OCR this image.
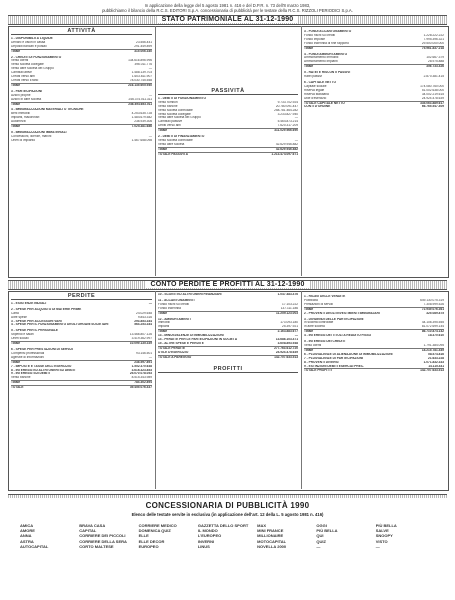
In applicazione della legge del 5 agosto 1981 n. 416 e del D.P.R. n. 73 dell'8 marzo 1983,
pubblichiamo il bilancio della R.C.S. EDITORI S.p.A. concessionaria di pubblicità per le testate della R.C.S. RIZZOLI PERIODICI S.p.A.
STATO PATRIMONIALE AL 31-12-1990
ATTIVITÀ
1 - DISPONIBILITÀ LIQUIDE
Denaro e valori in cassa	23.556.441
Depositi bancari e postali	291.449.899
Totale	315.006.340
2 - CREDITI DI FUNZIONAMENTO
Verso clienti	134.616.896.996
Verso società collegate	396.011.776
Verso altre società del Gruppo	—
Cambiali attive	1.488.139.703
Crediti verso altri	1.603.811.907
Crediti verso Erario	78.030.745.558
Totale	216.135.605.940
3 - PARTECIPAZIONI
Azioni proprie	—
Azioni in altre società	246.374.011.311
Totale	246.494.653.011
4 - IMMOBILIZZAZIONI MATERIALI O TECNICHE
Beni immobili	4.253.635.728
Impianti, macchinari	1.484.679.582
Automezzi	238.939.306
Totale	7.025.381.686
5 - IMMOBILIZZAZIONI IMMATERIALI
Concessioni, licenze, marchi	—
Oneri di impianto	1.467.658.098
PASSIVITÀ
1 - DEBITI DI FUNZIONAMENTO
Verso fornitori	9.733.702.924
Verso banche	20.780.091.447
Verso società controllate	258.781.464.282
Verso società collegate	3.233.827.940
Verso altre società del Gruppo	—
Cambiali passive	5.464.873.214
Debiti verso altri	7.620.317.209
Totale	311.029.966.690
2 - DEBITI DI FINANZIAMENTO
Verso società controllate	—
Verso altre società	42.629.946.882
Totale	42.629.946.882
TOTALE PASSIVITÀ	1.213.474.097.671
3 - FONDI ACCANTONAMENTO
Fondo rischi su crediti	1.228.222.222
Fondo imposte	7.995.396.321
Fondo indennità di fine rapporto	29.500.000.000
Totale	75.961.837.218
4 - FONDI AMMORTAMENTO
Ammortamento immobili	102.667.379
Ammortamento impianti	28.975.888
Totale	356.733.426
5 - RATEI E RISCONTI PASSIVI
Ratei passivi	2.870.381.415
6 - CAPITALE NETTO
Capitale sociale	174.080.760.000
Riserva legale	51.002.638.000
Riserva statutaria	34.002.219.615
Utile d'esercizio	24.924.478.639
TOTALE CAPITALE NETTO	335.063.889.617
CONTI D'ORDINE	66.765.547.409
CONTO PERDITE E PROFITTI AL 31-12-1990
PERDITE
1 - ESISTENZE INIZIALI	—
2 - SPESE PER ACQUISTO DI MATERIE PRIME
Carta	24.029.648
Altre spese	9.843.316
3 - SPESE PER ACCESSORI VARI	293.853.344
4 - SPESE PER IL FUNZIONAMENTO DEGLI ORGANI SOCIETARI	564.253.344
5 - SPESE PER IL PERSONALE
Stipendi e salari	13.468.807.126
Oneri sociali	3.419.362.997
Totale	10.099.135.339
6 - SPESE PER PRESTAZIONI DI SERVIZI
Compensi professionali	93.146.501
Agenzie di informazioni	—
Totale	238.597.891
7 - IMPOSTE E TASSE DELL'ESERCIZIO	1.552.370.638
8 - INTERESSI ED ALTRI ONERI SU DEBITI	3.616.323.853
9 - INTERESSI SUI DEBITI	25.070.078.053
Verso banche	8.515.343.989
Totale	784.302.894
TOTALE	39.455.076.437
10 - SCONTI ED ALTRI ONERI FINANZIARI	1.047.483.476
11 - ACCANTONAMENTI
Fondo rischi su crediti	17.103.222
Fondo indennità	137.111.186
Totale	11.259.123.003
12 - AMMORTAMENTI
Immobili	173.093.180
Impianti	25.397.921
Totale	2.163.883.677
13 - MINUSVALENZE DI IMMOBILIZZAZIONI	—
14 - PERDITE PER LE PARTECIPAZIONI IN SOCIETÀ	13.688.103.471
15 - ALTRE SPESE E PERDITE	3.608.893.938
TOTALE PERDITE	277.763.612.720
UTILE D'ESERCIZIO	24.924.478.639
TOTALE A PAREGGIO	142.707.633.513
PROFITTI
1 - RICAVI DELLE VENDITE
Pubblicità	649.130.075.319
Prestazioni di servizi	7.308.999.526
Totale	72.949.076.361
2 - PROVENTI DEGLI INVESTIMENTI IMMOBILIARI	325.089.875
3 - DIVIDENDI DELLE PARTECIPAZIONI
In società controllate	44.108.395.555
In altre società	81.072.699.144
Totale	86.710.874.142
4 - INTERESSI DEI TITOLI A REDDITO FISSO	18.370.610
5 - INTERESSI DEI CREDITI
Verso clienti	1.791.384.095
Totale	18.215.781.449
6 - PLUSVALENZE DI ALIENAZIONE DI IMMOBILIZZAZIONI	58.574.816
7 - PLUSVALENZE DI PARTECIPAZIONI	21.633.228
8 - PROVENTI DIVERSI	1.071.832.333
9 - ESTINZIONI DEBITI ESERCIZI PREC.	14.115.441
TOTALE PROFITTI	142.707.633.513
CONCESSIONARIA DI PUBBLICITÀ 1990
Elenco delle testate servite in esclusiva (in applicazione dell'art. 12 della L. 5 agosto 1981 n. 416)
AMICA	BRAVA CASA	CORRIERE MEDICO	GAZZETTA DELLO SPORT	MAX	OGGI	PIÙ BELLA
AMORE	CAPITAL	DOMENICA QUIZ	IL MONDO	MINI FRANCE	PIÙ BELLA	SALVE
ANNA	CORRIERE DEI PICCOLI	ELLE	L'EUROPEO	MILLIONAIRE	QUI	SNOOPY
ASTRA	CORRIERE DELLA SERA	ELLE DECOR	INVERNI	MOTOCAPITAL	QUIZ	VISTO
AUTOCAPITAL	CORTO MALTESE	EUROPEO	LINUS	NOVELLA 2000	—	—
